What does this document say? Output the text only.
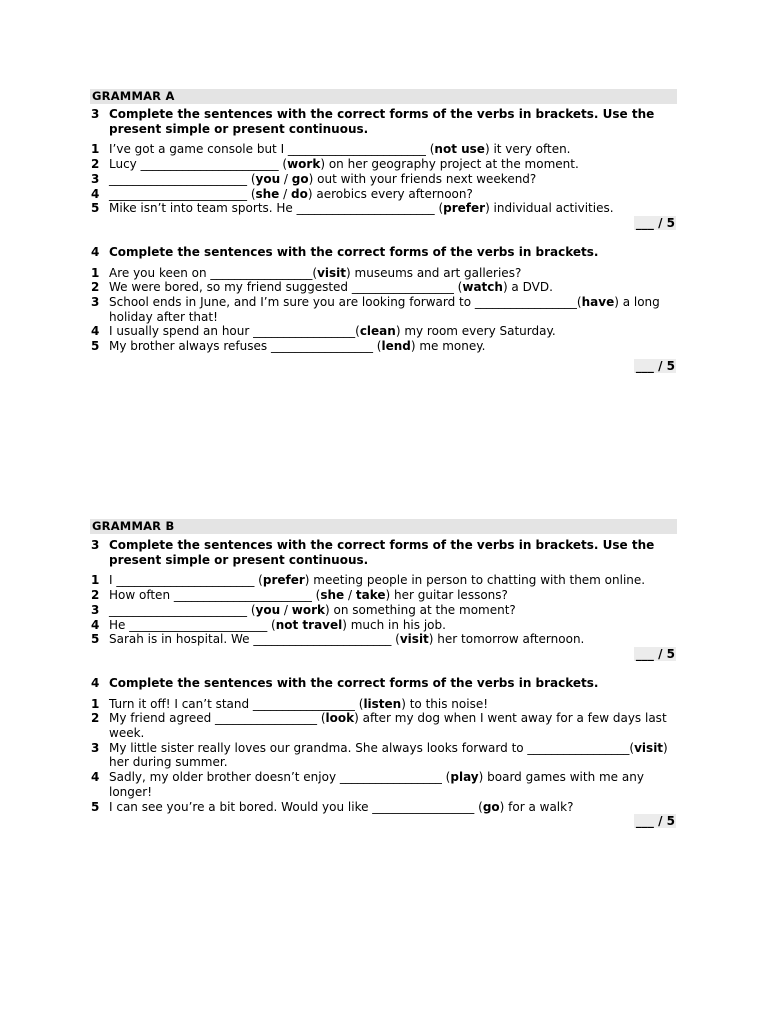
GRAMMAR A
3 Complete the sentences with the correct forms of the verbs in brackets. Use the present simple or present continuous.
1 I’ve got a game console but I _______________________ (not use) it very often.
2 Lucy _______________________ (work) on her geography project at the moment.
3 _______________________ (you / go) out with your friends next weekend?
4 _______________________ (she / do) aerobics every afternoon?
5 Mike isn’t into team sports. He _______________________ (prefer) individual activities.
___ / 5
4 Complete the sentences with the correct forms of the verbs in brackets.
1 Are you keen on _________________(visit) museums and art galleries?
2 We were bored, so my friend suggested _________________ (watch) a DVD.
3 School ends in June, and I’m sure you are looking forward to _________________(have) a long holiday after that!
4 I usually spend an hour _________________(clean) my room every Saturday.
5 My brother always refuses _________________ (lend) me money.
___ / 5
GRAMMAR B
3 Complete the sentences with the correct forms of the verbs in brackets. Use the present simple or present continuous.
1 I _______________________ (prefer) meeting people in person to chatting with them online.
2 How often _______________________ (she / take) her guitar lessons?
3 _______________________ (you / work) on something at the moment?
4 He _______________________ (not travel) much in his job.
5 Sarah is in hospital. We _______________________ (visit) her tomorrow afternoon.
___ / 5
4 Complete the sentences with the correct forms of the verbs in brackets.
1 Turn it off! I can’t stand _________________ (listen) to this noise!
2 My friend agreed _________________ (look) after my dog when I went away for a few days last week.
3 My little sister really loves our grandma. She always looks forward to _________________(visit) her during summer.
4 Sadly, my older brother doesn’t enjoy _________________ (play) board games with me any longer!
5 I can see you’re a bit bored. Would you like _________________ (go) for a walk?
___ / 5
